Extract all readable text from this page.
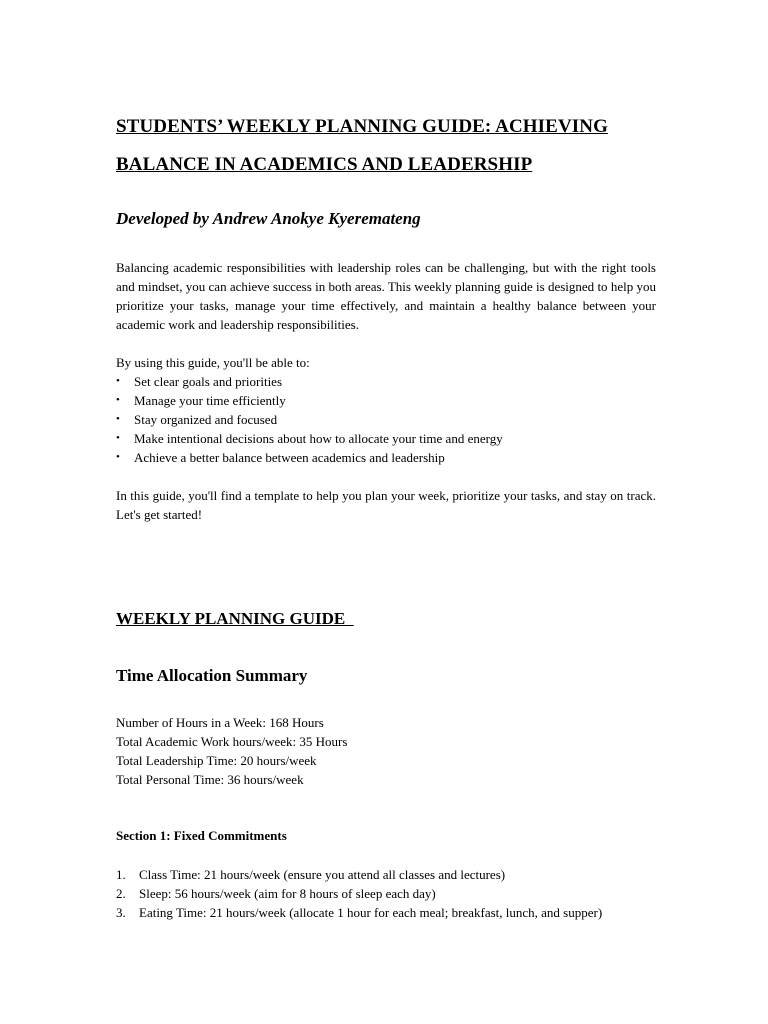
STUDENTS’ WEEKLY PLANNING GUIDE: ACHIEVING
BALANCE IN ACADEMICS AND LEADERSHIP
Developed by Andrew Anokye Kyeremateng

Balancing academic responsibilities with leadership roles can be challenging, but with the right tools and mindset, you can achieve success in both areas. This weekly planning guide is designed to help you prioritize your tasks, manage your time effectively, and maintain a healthy balance between your academic work and leadership responsibilities.

By using this guide, you'll be able to:

• Set clear goals and priorities
• Manage your time efficiently
• Stay organized and focused
• Make intentional decisions about how to allocate your time and energy
• Achieve a better balance between academics and leadership

In this guide, you'll find a template to help you plan your week, prioritize your tasks, and stay on track. Let's get started!

WEEKLY PLANNING GUIDE
Time Allocation Summary
Number of Hours in a Week: 168 Hours
Total Academic Work hours/week: 35 Hours
Total Leadership Time: 20 hours/week
Total Personal Time: 36 hours/week
Section 1: Fixed Commitments
1. Class Time: 21 hours/week (ensure you attend all classes and lectures)
2. Sleep: 56 hours/week (aim for 8 hours of sleep each day)
3. Eating Time: 21 hours/week (allocate 1 hour for each meal; breakfast, lunch, and supper)
